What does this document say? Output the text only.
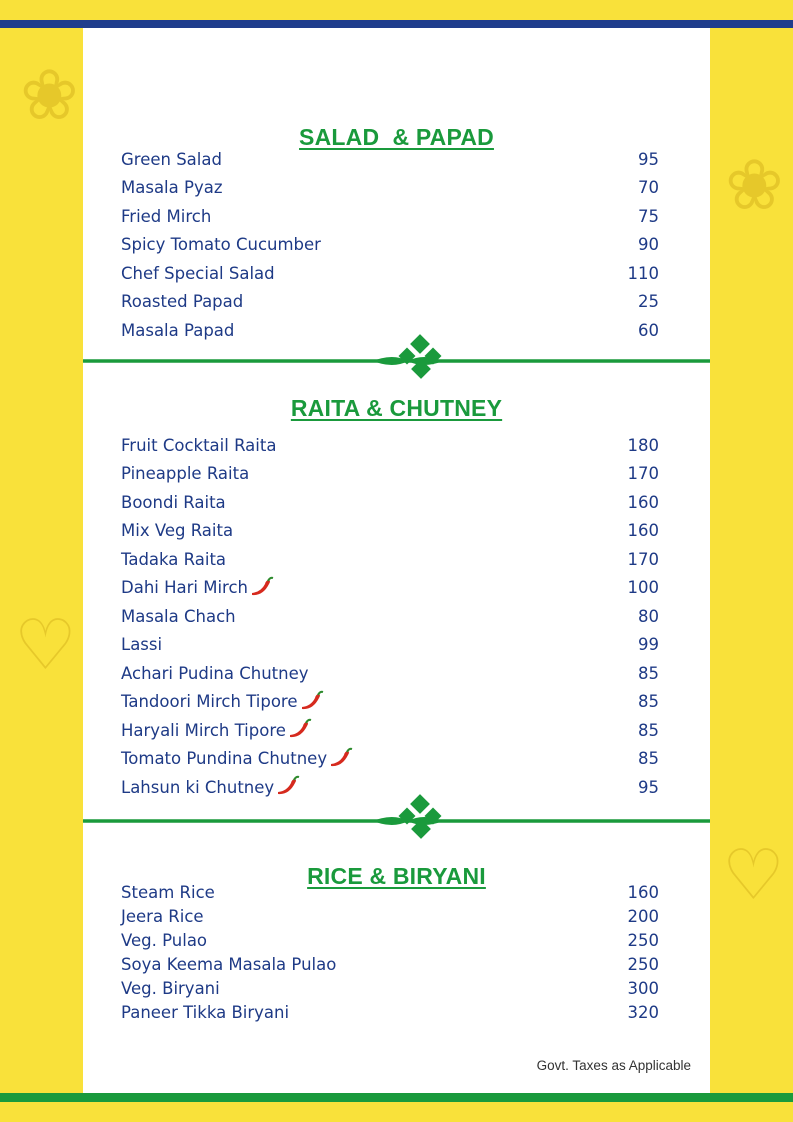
❀
♡
❀
♡
SALAD  & PAPAD
Green Salad	95
Masala Pyaz	70
Fried Mirch	75
Spicy Tomato Cucumber	90
Chef Special Salad	110
Roasted Papad	25
Masala Papad	60
RAITA & CHUTNEY
Fruit Cocktail Raita	180
Pineapple Raita	170
Boondi Raita	160
Mix Veg Raita	160
Tadaka Raita	170
Dahi Hari Mirch	100
Masala Chach	80
Lassi	99
Achari Pudina Chutney	85
Tandoori Mirch Tipore	85
Haryali Mirch Tipore	85
Tomato Pundina Chutney	85
Lahsun ki Chutney	95
RICE & BIRYANI
Steam Rice	160
Jeera Rice	200
Veg. Pulao	250
Soya Keema Masala Pulao	250
Veg. Biryani	300
Paneer Tikka Biryani	320
Govt. Taxes as Applicable
